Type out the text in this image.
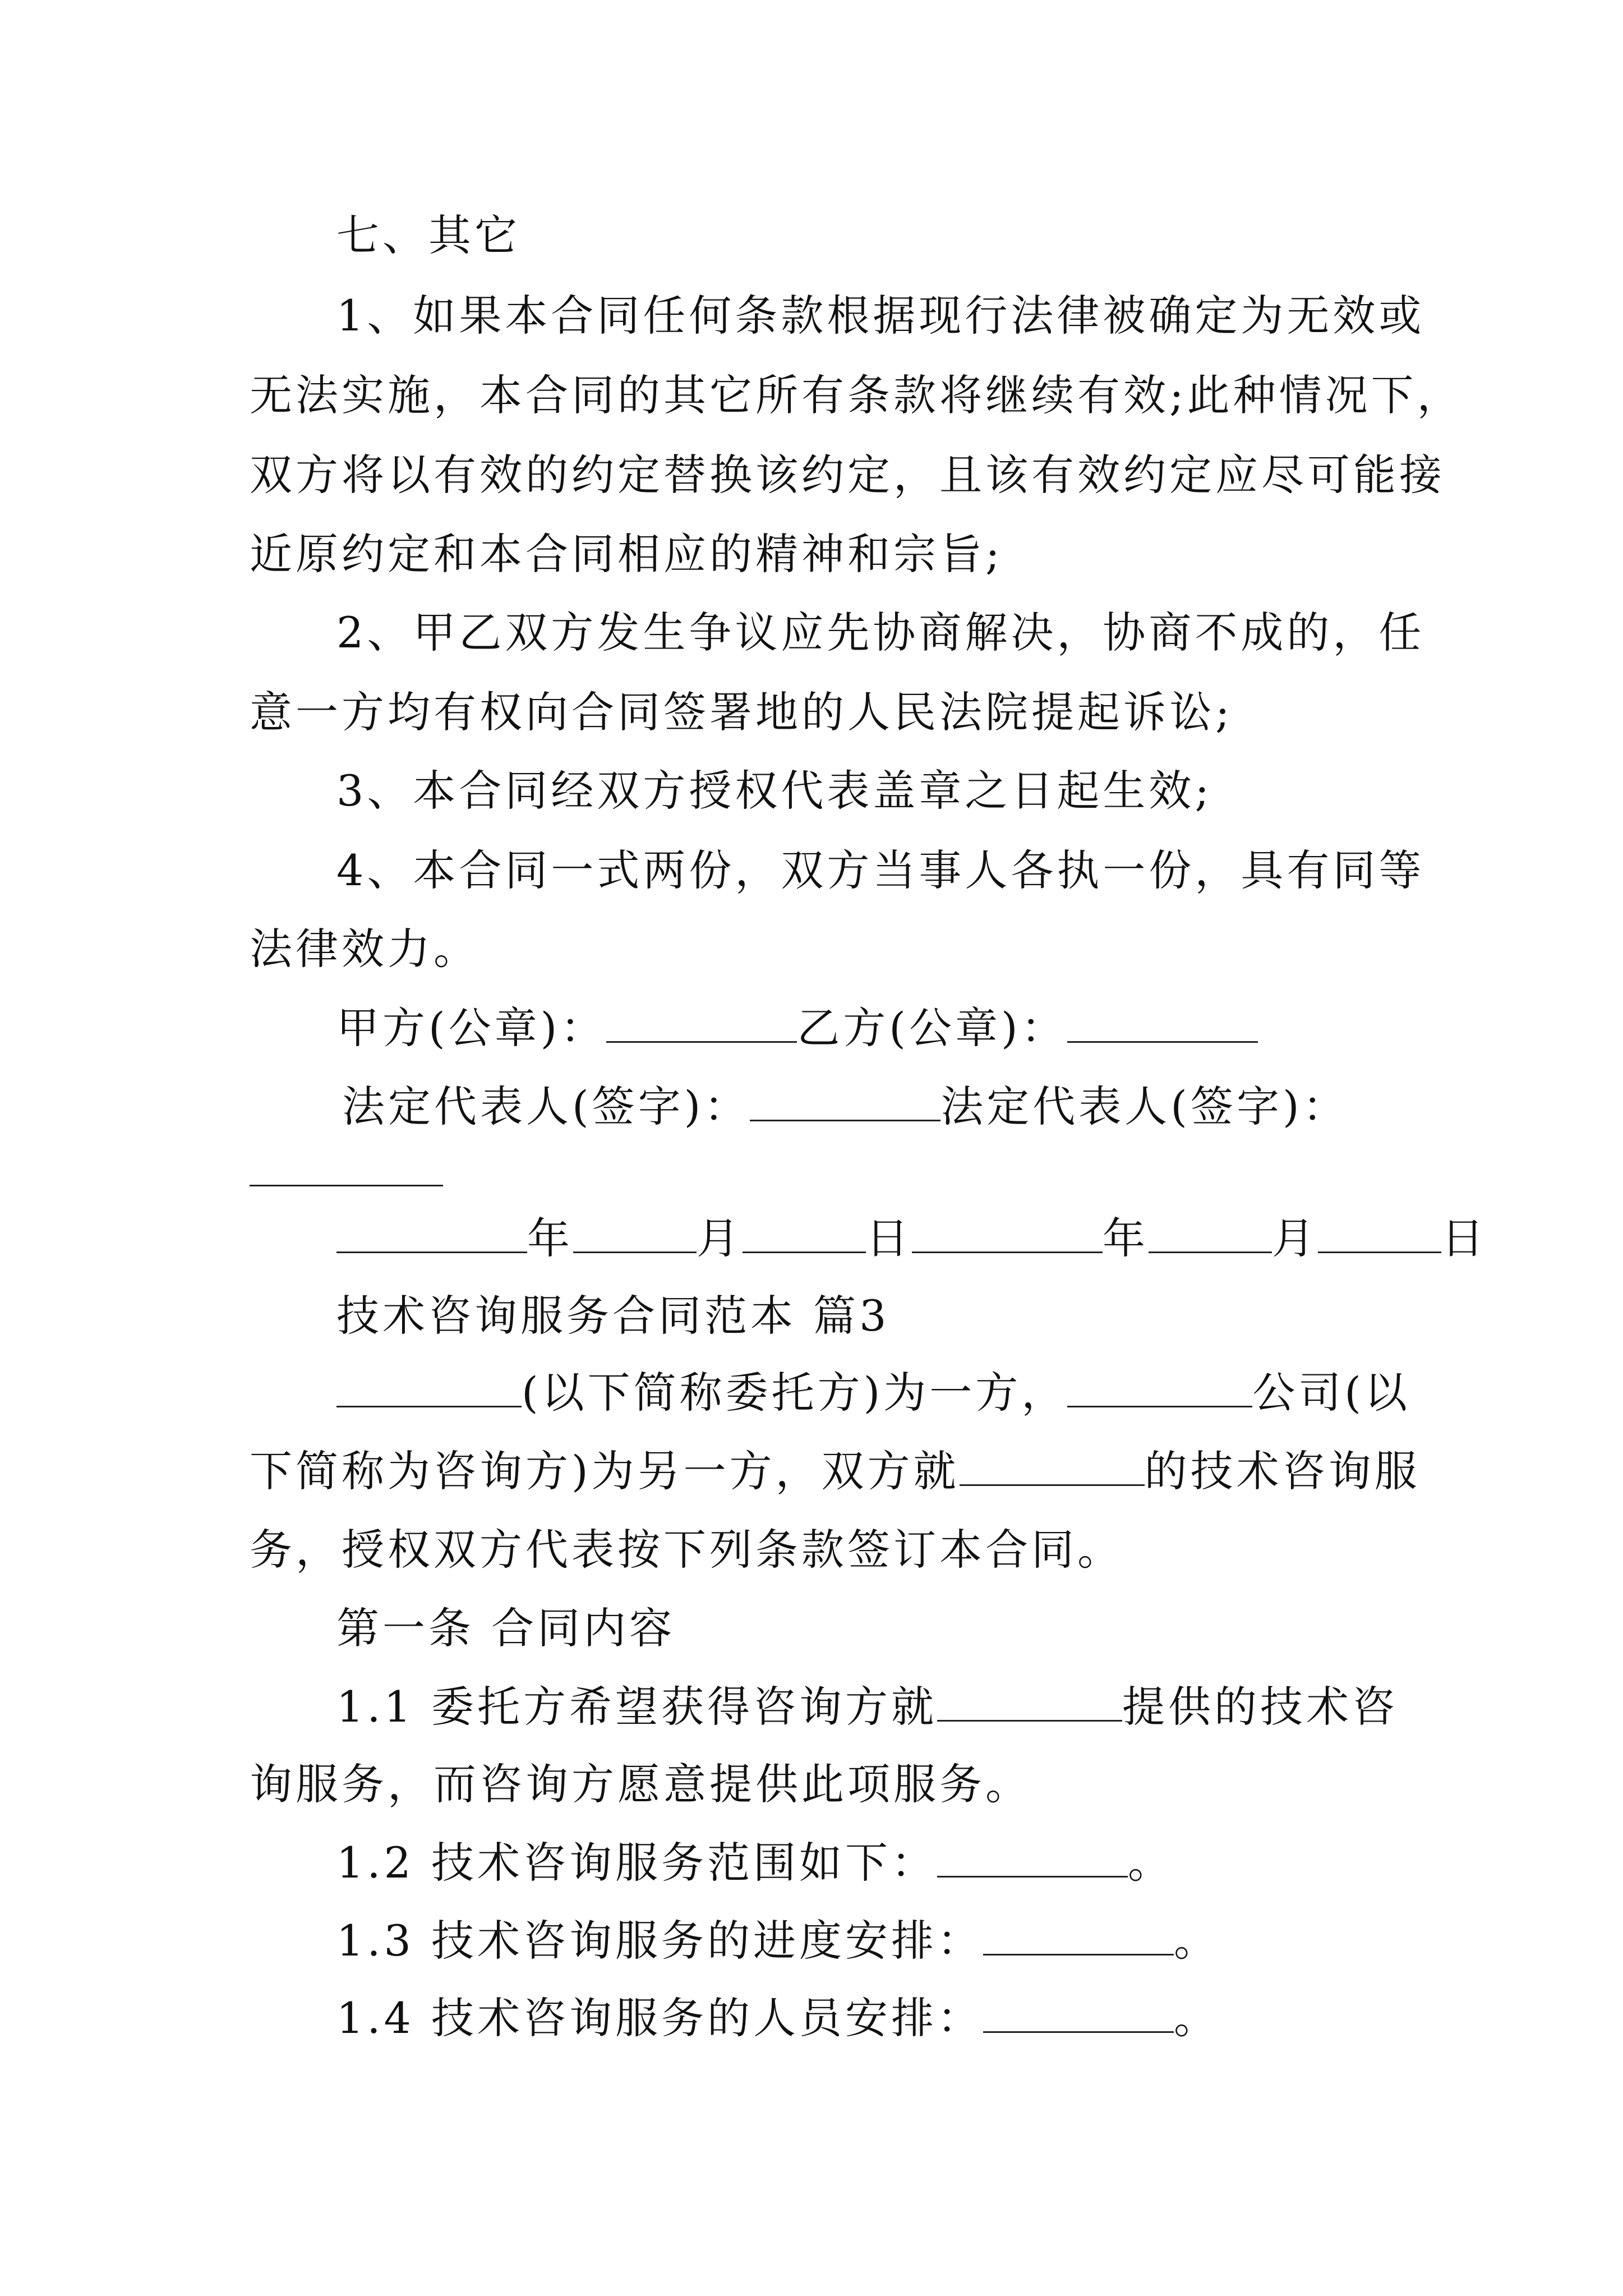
七、其它
1、如果本合同任何条款根据现行法律被确定为无效或
无法实施，本合同的其它所有条款将继续有效;此种情况下，
双方将以有效的约定替换该约定，且该有效约定应尽可能接
近原约定和本合同相应的精神和宗旨;
2、甲乙双方发生争议应先协商解决，协商不成的，任
意一方均有权向合同签署地的人民法院提起诉讼;
3、本合同经双方授权代表盖章之日起生效;
4、本合同一式两份，双方当事人各执一份，具有同等
法律效力。
甲方(公章)：	乙方(公章)：
法定代表人(签字)：	法定代表人(签字)：
年	月	日	年	月	日
技术咨询服务合同范本 篇3
(以下简称委托方)为一方，	公司(以
下简称为咨询方)为另一方，双方就	的技术咨询服
务，授权双方代表按下列条款签订本合同。
第一条 合同内容
1.1 委托方希望获得咨询方就	提供的技术咨
询服务，而咨询方愿意提供此项服务。
1.2 技术咨询服务范围如下：	。
1.3 技术咨询服务的进度安排：	。
1.4 技术咨询服务的人员安排：	。
